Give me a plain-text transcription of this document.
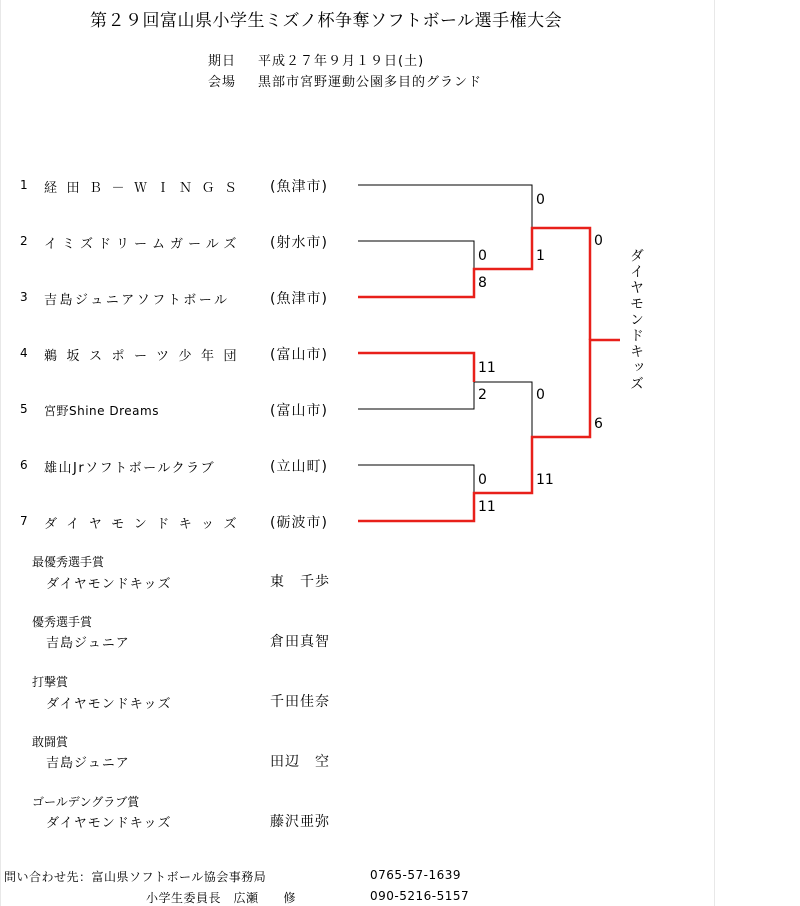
第２９回富山県小学生ミズノ杯争奪ソフトボール選手権大会
期日 平成２７年９月１９日(土)
会場 黒部市宮野運動公園多目的グランド
1 経田Ｂ－ＷＩＮＧＳ (魚津市)
2 イミズドリームガールズ (射水市)
3 吉島ジュニアソフトボール	(魚津市)
4 鵜坂スポーツ少年団 (富山市)
5 宮野Shine Dreams	(富山市)
6 雄山Jrソフトボールクラブ	(立山町)
7 ダイヤモンドキッズ (砺波市)
0
8
0
1
0
11
2	0
11
6
0
11
ダイヤモンドキッズ
最優秀選手賞
ダイヤモンドキッズ	東　千歩
優秀選手賞
吉島ジュニア	倉田真智
打撃賞
ダイヤモンドキッズ	千田佳奈
敢闘賞
吉島ジュニア	田辺　空
ゴールデングラブ賞
ダイヤモンドキッズ	藤沢亜弥
問い合わせ先：富山県ソフトボール協会事務局	0765-57-1639
小学生委員長　広瀬　　修	090-5216-5157
